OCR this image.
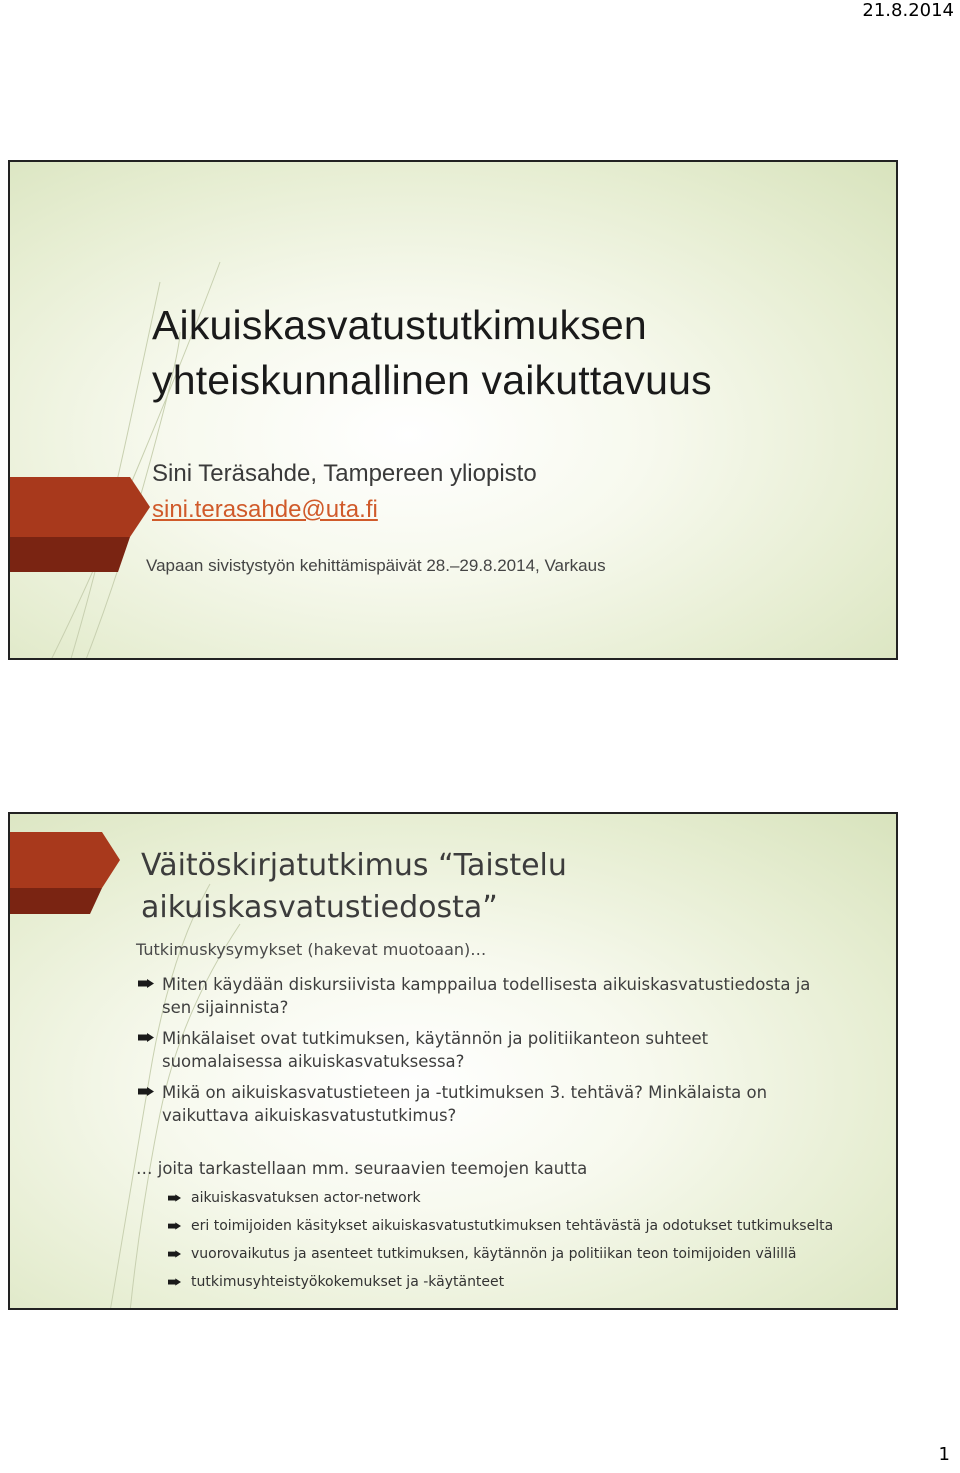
21.8.2014
Aikuiskasvatustutkimuksen
yhteiskunnallinen vaikuttavuus
Sini Teräsahde, Tampereen yliopisto
sini.terasahde@uta.fi
Vapaan sivistystyön kehittämispäivät 28.–29.8.2014, Varkaus
Väitöskirjatutkimus “Taistelu
aikuiskasvatustiedosta”
Tutkimuskysymykset (hakevat muotoaan)…
Miten käydään diskursiivista kamppailua todellisesta aikuiskasvatustiedosta ja
sen sijainnista?
Minkälaiset ovat tutkimuksen, käytännön ja politiikanteon suhteet
suomalaisessa aikuiskasvatuksessa?
Mikä on aikuiskasvatustieteen ja -tutkimuksen 3. tehtävä? Minkälaista on
vaikuttava aikuiskasvatustutkimus?
… joita tarkastellaan mm. seuraavien teemojen kautta
aikuiskasvatuksen actor-network
eri toimijoiden käsitykset aikuiskasvatustutkimuksen tehtävästä ja odotukset tutkimukselta
vuorovaikutus ja asenteet tutkimuksen, käytännön ja politiikan teon toimijoiden välillä
tutkimusyhteistyökokemukset ja -käytänteet
1
